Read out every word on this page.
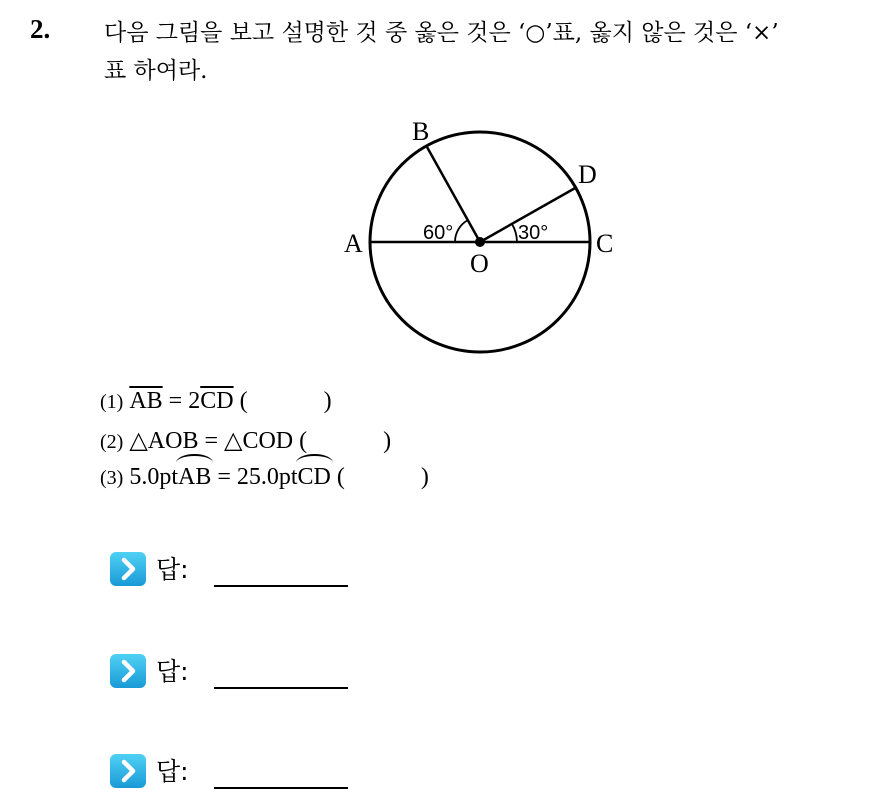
2. 다음 그림을 보고 설명한 것 중 옳은 것은 ‘○’표, 옳지 않은 것은 ‘×’
표 하여라.
A
B
C
D
O
60°	30°
(1) $\overline{AB} = 2\overline{CD}$ (	)
(2) △AOB = △COD (	)
(3) 5.0ptAB = 25.0ptCD (	)
답:
답:
답:
